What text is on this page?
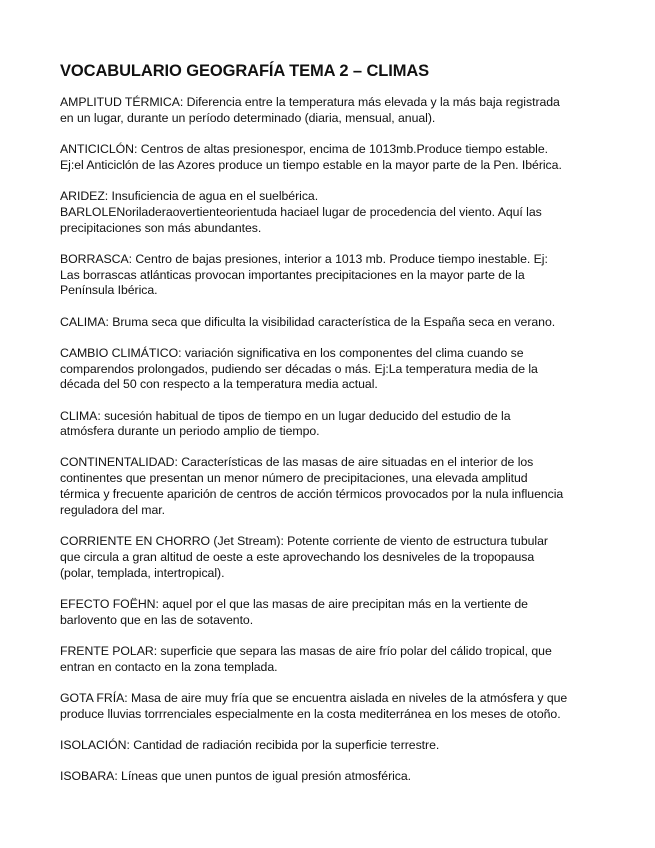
VOCABULARIO GEOGRAFÍA TEMA 2 – CLIMAS
AMPLITUD TÉRMICA: Diferencia entre la temperatura más elevada y la más baja registrada
en un lugar, durante un período determinado (diaria, mensual, anual).
ANTICICLÓN: Centros de altas presionespor, encima de 1013mb.Produce tiempo estable.
Ej:el Anticiclón de las Azores produce un tiempo estable en la mayor parte de la Pen. Ibérica.
ARIDEZ: Insuficiencia de agua en el suelbérica.
BARLOLENoriladeraovertienteorientuda haciael lugar de procedencia del viento. Aquí las
precipitaciones son más abundantes.
BORRASCA: Centro de bajas presiones, interior a 1013 mb. Produce tiempo inestable. Ej:
Las borrascas atlánticas provocan importantes precipitaciones en la mayor parte de la
Península Ibérica.
CALIMA: Bruma seca que dificulta la visibilidad característica de la España seca en verano.
CAMBIO CLIMÁTICO: variación significativa en los componentes del clima cuando se
comparendos prolongados, pudiendo ser décadas o más. Ej:La temperatura media de la
década del 50 con respecto a la temperatura media actual.
CLIMA: sucesión habitual de tipos de tiempo en un lugar deducido del estudio de la
atmósfera durante un periodo amplio de tiempo.
CONTINENTALIDAD: Características de las masas de aire situadas en el interior de los
continentes que presentan un menor número de precipitaciones, una elevada amplitud
térmica y frecuente aparición de centros de acción térmicos provocados por la nula influencia
reguladora del mar.
CORRIENTE EN CHORRO (Jet Stream): Potente corriente de viento de estructura tubular
que circula a gran altitud de oeste a este aprovechando los desniveles de la tropopausa
(polar, templada, intertropical).
EFECTO FOËHN: aquel por el que las masas de aire precipitan más en la vertiente de
barlovento que en las de sotavento.
FRENTE POLAR: superficie que separa las masas de aire frío polar del cálido tropical, que
entran en contacto en la zona templada.
GOTA FRÍA: Masa de aire muy fría que se encuentra aislada en niveles de la atmósfera y que
produce lluvias torrrenciales especialmente en la costa mediterránea en los meses de otoño.
ISOLACIÓN: Cantidad de radiación recibida por la superficie terrestre.
ISOBARA: Líneas que unen puntos de igual presión atmosférica.
